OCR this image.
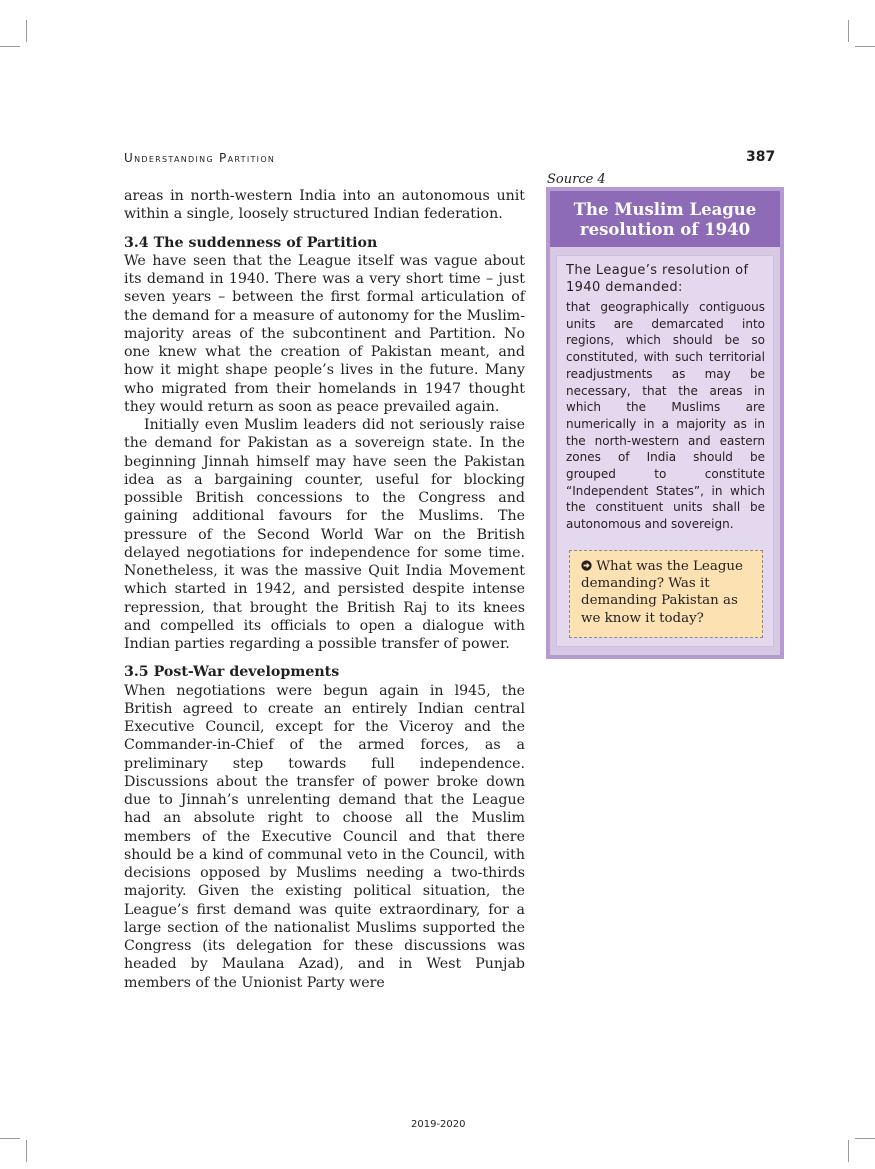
Understanding Partition	387

areas in north-western India into an autonomous unit within a single, loosely structured Indian federation.

3.4 The suddenness of Partition

We have seen that the League itself was vague about its demand in 1940. There was a very short time – just seven years – between the first formal articulation of the demand for a measure of autonomy for the Muslim-majority areas of the subcontinent and Partition. No one knew what the creation of Pakistan meant, and how it might shape people’s lives in the future. Many who migrated from their homelands in 1947 thought they would return as soon as peace prevailed again.

Initially even Muslim leaders did not seriously raise the demand for Pakistan as a sovereign state. In the beginning Jinnah himself may have seen the Pakistan idea as a bargaining counter, useful for blocking possible British concessions to the Congress and gaining additional favours for the Muslims. The pressure of the Second World War on the British delayed negotiations for independence for some time. Nonetheless, it was the massive Quit India Movement which started in 1942, and persisted despite intense repression, that brought the British Raj to its knees and compelled its officials to open a dialogue with Indian parties regarding a possible transfer of power.

3.5 Post-War developments

When negotiations were begun again in l945, the British agreed to create an entirely Indian central Executive Council, except for the Viceroy and the Commander-in-Chief of the armed forces, as a preliminary step towards full independence. Discussions about the transfer of power broke down due to Jinnah’s unrelenting demand that the League had an absolute right to choose all the Muslim members of the Executive Council and that there should be a kind of communal veto in the Council, with decisions opposed by Muslims needing a two-thirds majority. Given the existing political situation, the League’s first demand was quite extraordinary, for a large section of the nationalist Muslims supported the Congress (its delegation for these discussions was headed by Maulana Azad), and in West Punjab members of the Unionist Party were

Source 4
The Muslim League resolution of 1940

The League’s resolution of 1940 demanded:

that geographically contiguous units are demarcated into regions, which should be so constituted, with such territorial readjustments as may be necessary, that the areas in which the Muslims are numerically in a majority as in the north-western and eastern zones of India should be grouped to constitute “Independent States”, in which the constituent units shall be autonomous and sovereign.

What was the League demanding? Was it demanding Pakistan as we know it today?
2019-2020
